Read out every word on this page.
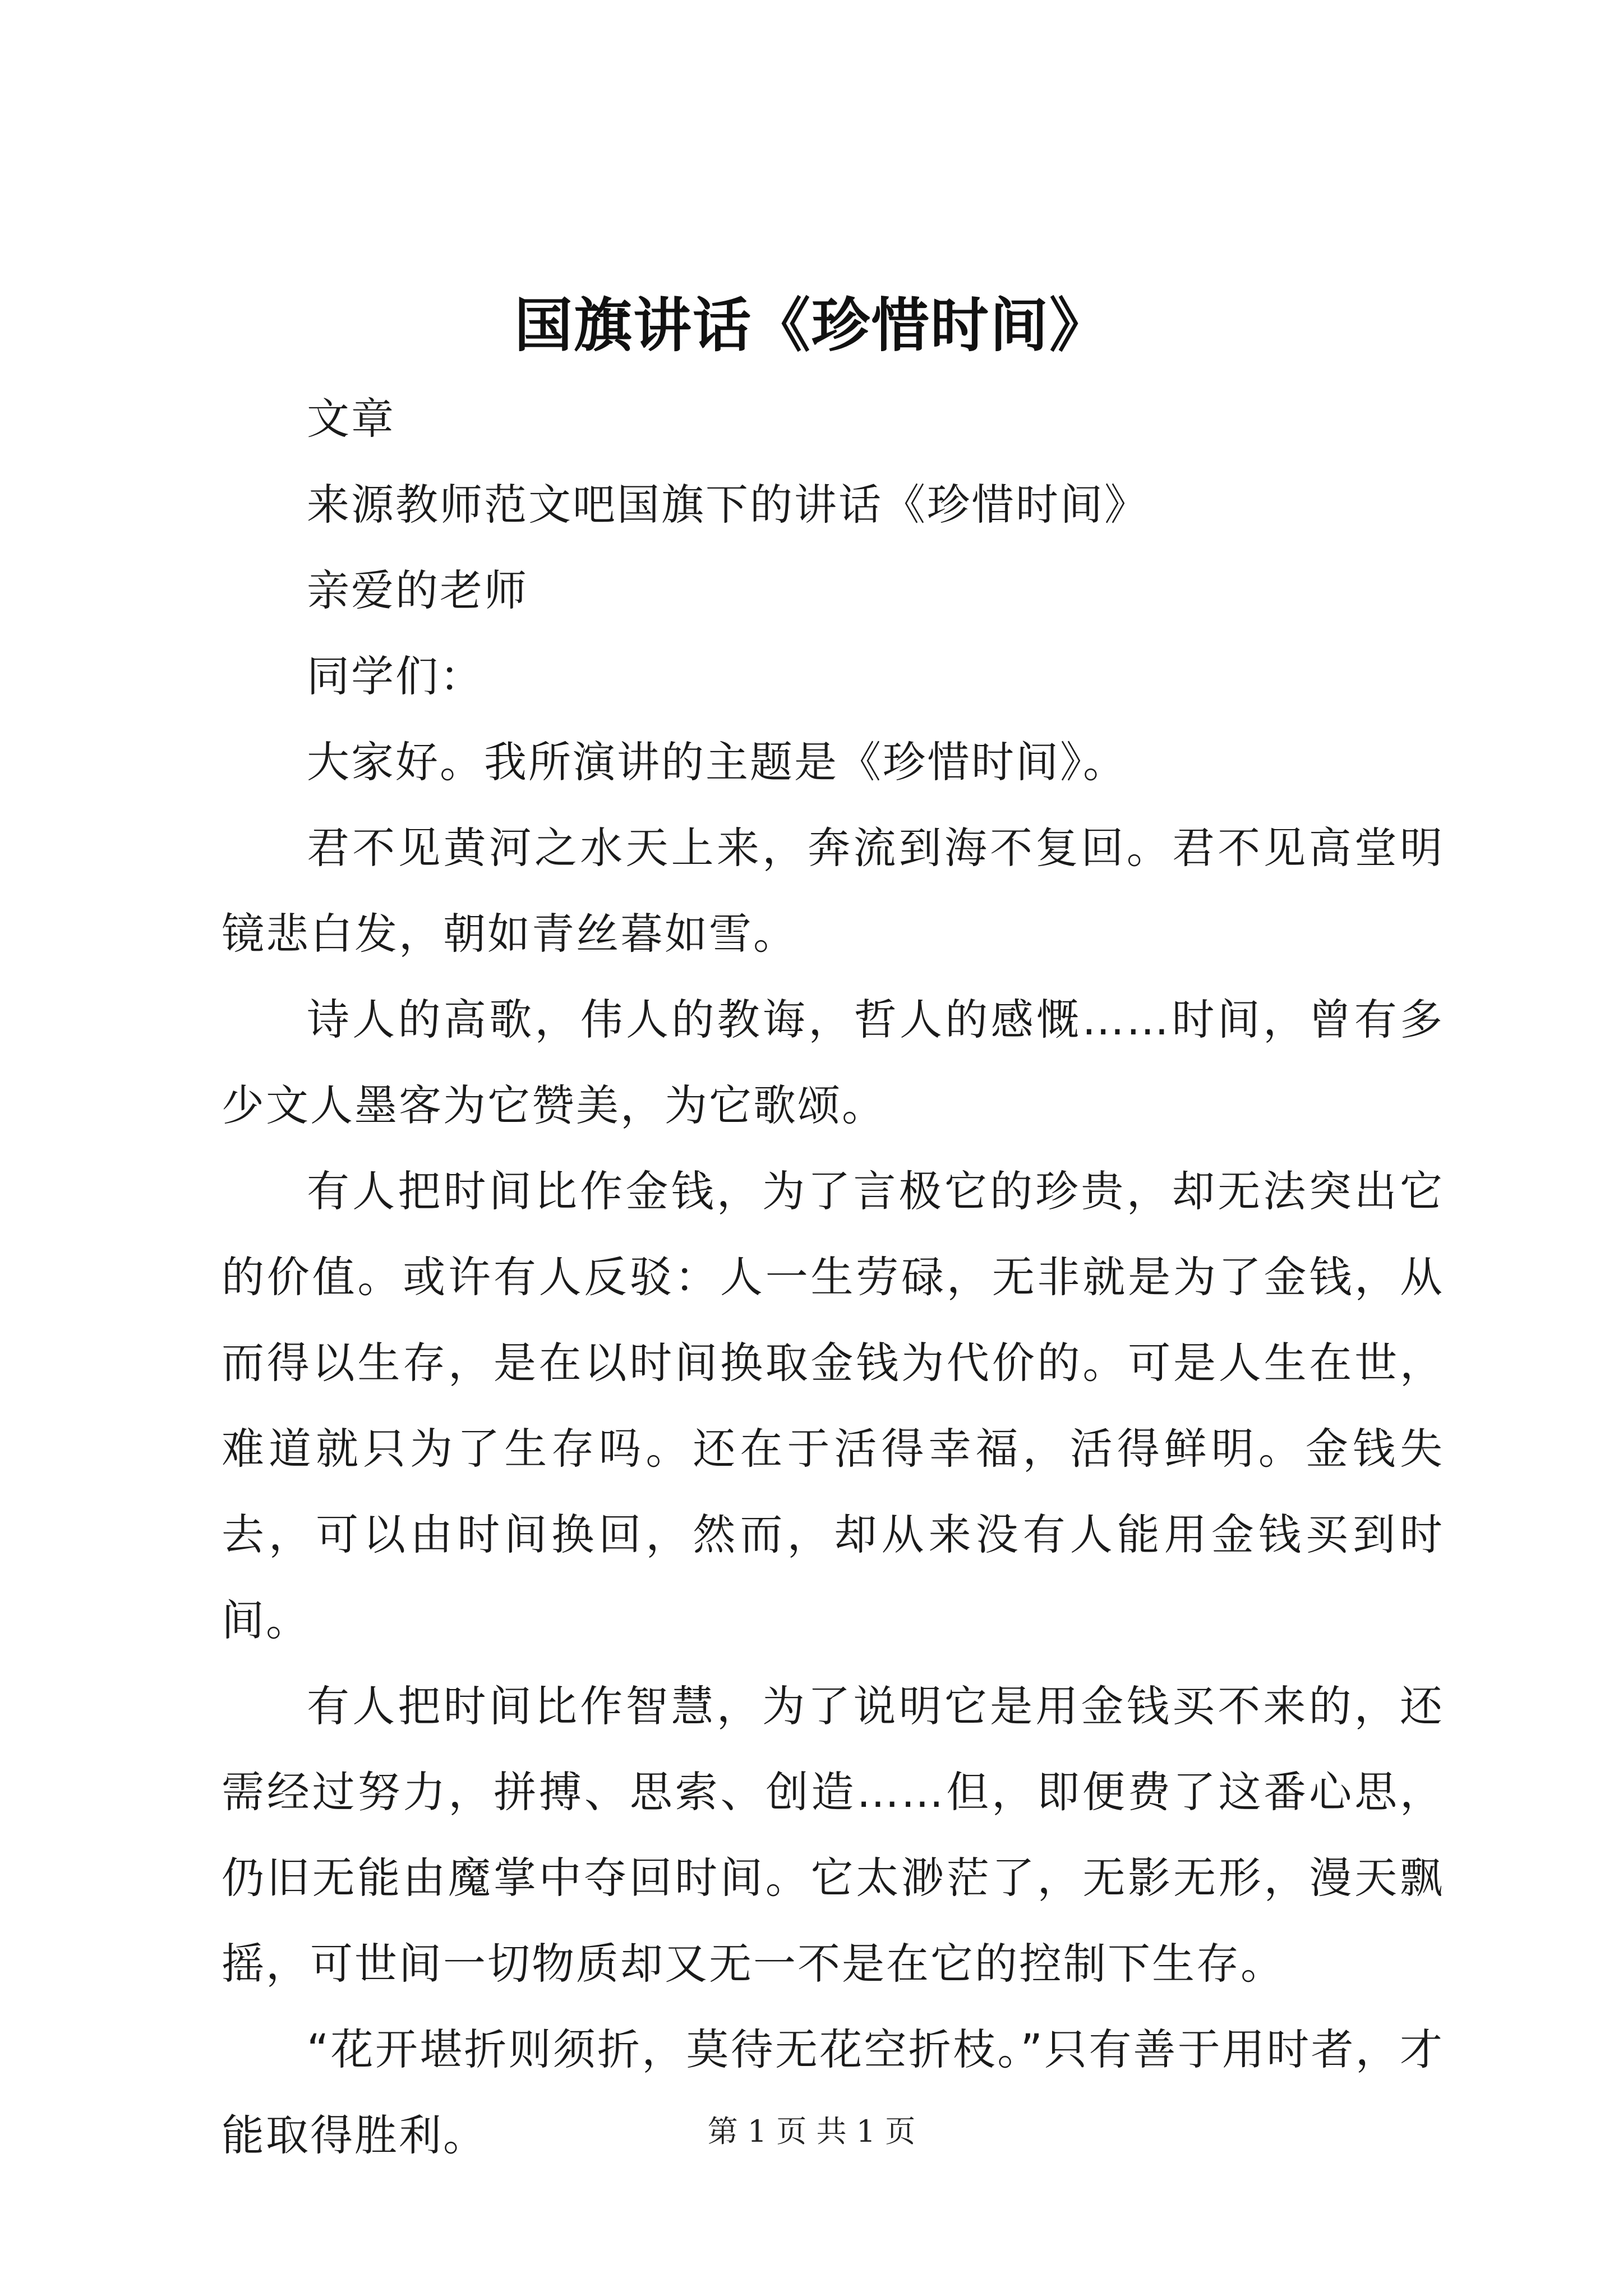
国旗讲话《珍惜时间》

文章

来源教师范文吧国旗下的讲话《珍惜时间》

亲爱的老师

同学们：

大家好。我所演讲的主题是《珍惜时间》。

君不见黄河之水天上来，奔流到海不复回。君不见高堂明镜悲白发，朝如青丝暮如雪。

诗人的高歌，伟人的教诲，哲人的感慨……时间，曾有多少文人墨客为它赞美，为它歌颂。

有人把时间比作金钱，为了言极它的珍贵，却无法突出它的价值。或许有人反驳：人一生劳碌，无非就是为了金钱，从而得以生存，是在以时间换取金钱为代价的。可是人生在世，难道就只为了生存吗。还在于活得幸福，活得鲜明。金钱失去，可以由时间换回，然而，却从来没有人能用金钱买到时间。

有人把时间比作智慧，为了说明它是用金钱买不来的，还需经过努力，拼搏、思索、创造……但，即便费了这番心思，仍旧无能由魔掌中夺回时间。它太渺茫了，无影无形，漫天飘摇，可世间一切物质却又无一不是在它的控制下生存。

“花开堪折则须折，莫待无花空折枝。”只有善于用时者，才能取得胜利。	第 1 页 共 1 页
